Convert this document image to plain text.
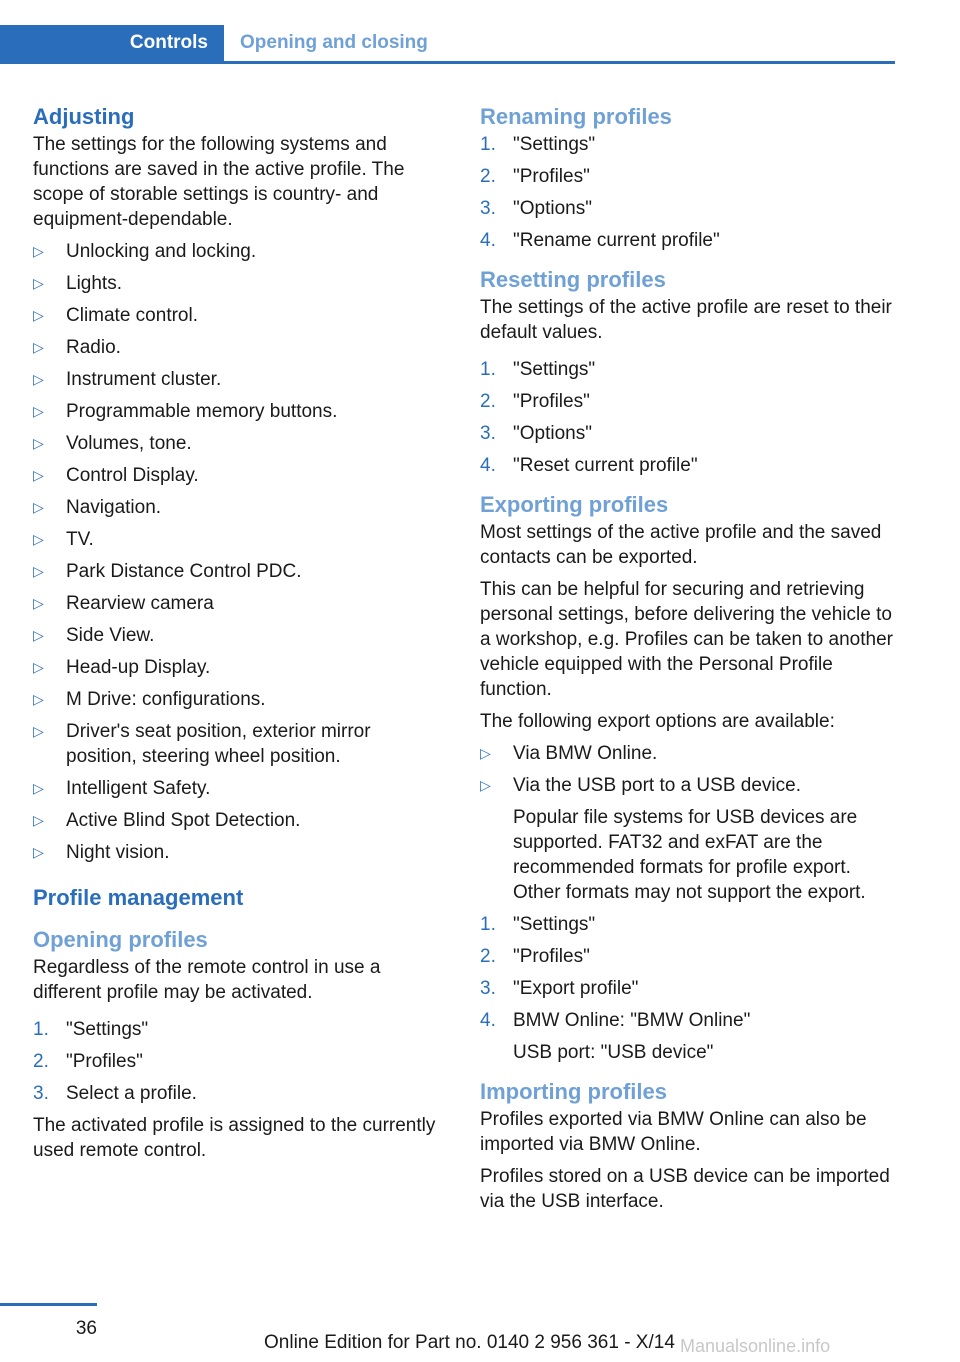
Controls	Opening and closing
Adjusting

The settings for the following systems and functions are saved in the active profile. The scope of storable settings is country- and equipment-dependable.

▷ Unlocking and locking.
▷ Lights.
▷ Climate control.
▷ Radio.
▷ Instrument cluster.
▷ Programmable memory buttons.
▷ Volumes, tone.
▷ Control Display.
▷ Navigation.
▷ TV.
▷ Park Distance Control PDC.
▷ Rearview camera
▷ Side View.
▷ Head-up Display.
▷ M Drive: configurations.
▷ Driver's seat position, exterior mirror position, steering wheel position.
▷ Intelligent Safety.
▷ Active Blind Spot Detection.
▷ Night vision.
Profile management
Opening profiles

Regardless of the remote control in use a different profile may be activated.

1. "Settings"
2. "Profiles"
3. Select a profile.

The activated profile is assigned to the currently used remote control.

Renaming profiles
1. "Settings"
2. "Profiles"
3. "Options"
4. "Rename current profile"
Resetting profiles

The settings of the active profile are reset to their default values.

1. "Settings"
2. "Profiles"
3. "Options"
4. "Reset current profile"
Exporting profiles

Most settings of the active profile and the saved contacts can be exported.

This can be helpful for securing and retrieving personal settings, before delivering the vehicle to a workshop, e.g. Profiles can be taken to another vehicle equipped with the Personal Profile function.

The following export options are available:

▷ Via BMW Online.
▷ Via the USB port to a USB device.

Popular file systems for USB devices are supported. FAT32 and exFAT are the recommended formats for profile export. Other formats may not support the export.

1. "Settings"
2. "Profiles"
3. "Export profile"
4. BMW Online: "BMW Online"

USB port: "USB device"

Importing profiles

Profiles exported via BMW Online can also be imported via BMW Online.

Profiles stored on a USB device can be imported via the USB interface.

36
Online Edition for Part no. 0140 2 956 361 - X/14 Manualsonline.info
